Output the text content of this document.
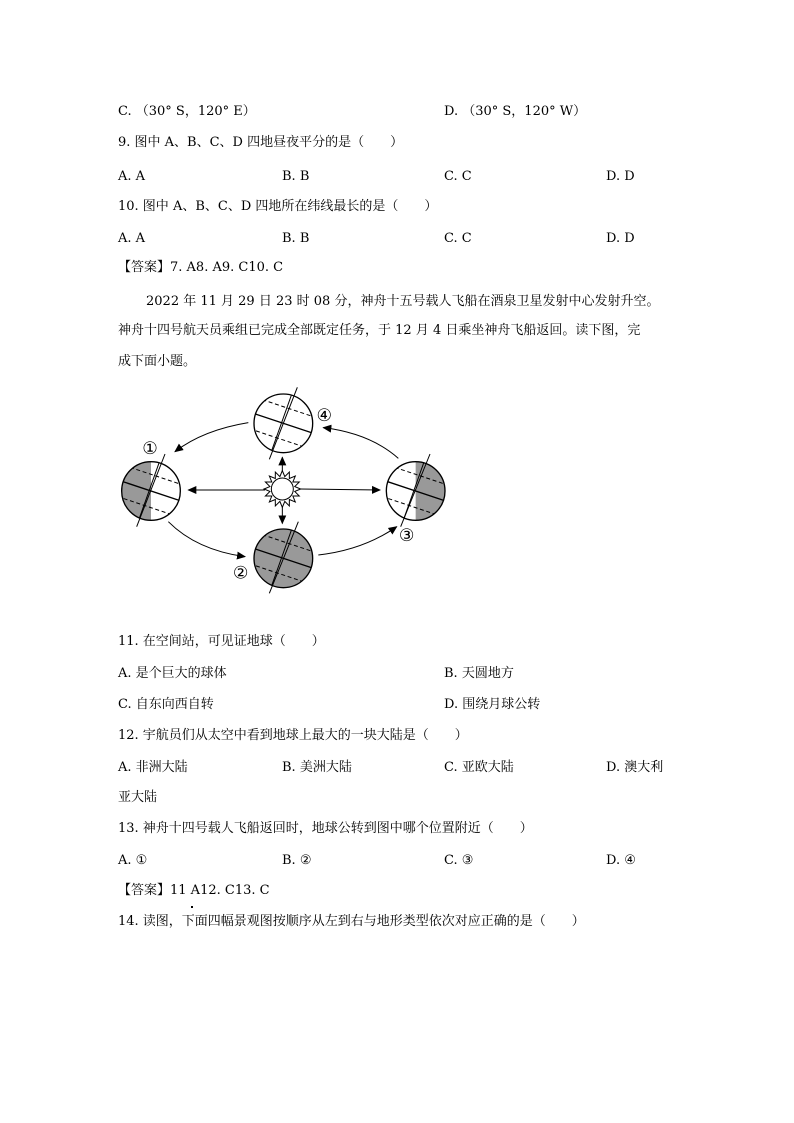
C. （30° S，120° E）	D. （30° S，120° W）
9. 图中 A、B、C、D 四地昼夜平分的是（　　）
A. A	B. B	C. C	D. D
10. 图中 A、B、C、D 四地所在纬线最长的是（　　）
A. A	B. B	C. C	D. D
【答案】7. A8. A9. C10. C
2022 年 11 月 29 日 23 时 08 分，神舟十五号载人飞船在酒泉卫星发射中心发射升空。
神舟十四号航天员乘组已完成全部既定任务，于 12 月 4 日乘坐神舟飞船返回。读下图，完
成下面小题。
①
②
③
④
11. 在空间站，可见证地球（　　）
A. 是个巨大的球体	B. 天圆地方
C. 自东向西自转	D. 围绕月球公转
12. 宇航员们从太空中看到地球上最大的一块大陆是（　　）
A. 非洲大陆	B. 美洲大陆	C. 亚欧大陆	D. 澳大利
亚大陆
13. 神舟十四号载人飞船返回时，地球公转到图中哪个位置附近（　　）
A. ①	B. ②	C. ③	D. ④
【答案】11 A12. C13. C
14. 读图，下面四幅景观图按顺序从左到右与地形类型依次对应正确的是（　　）
